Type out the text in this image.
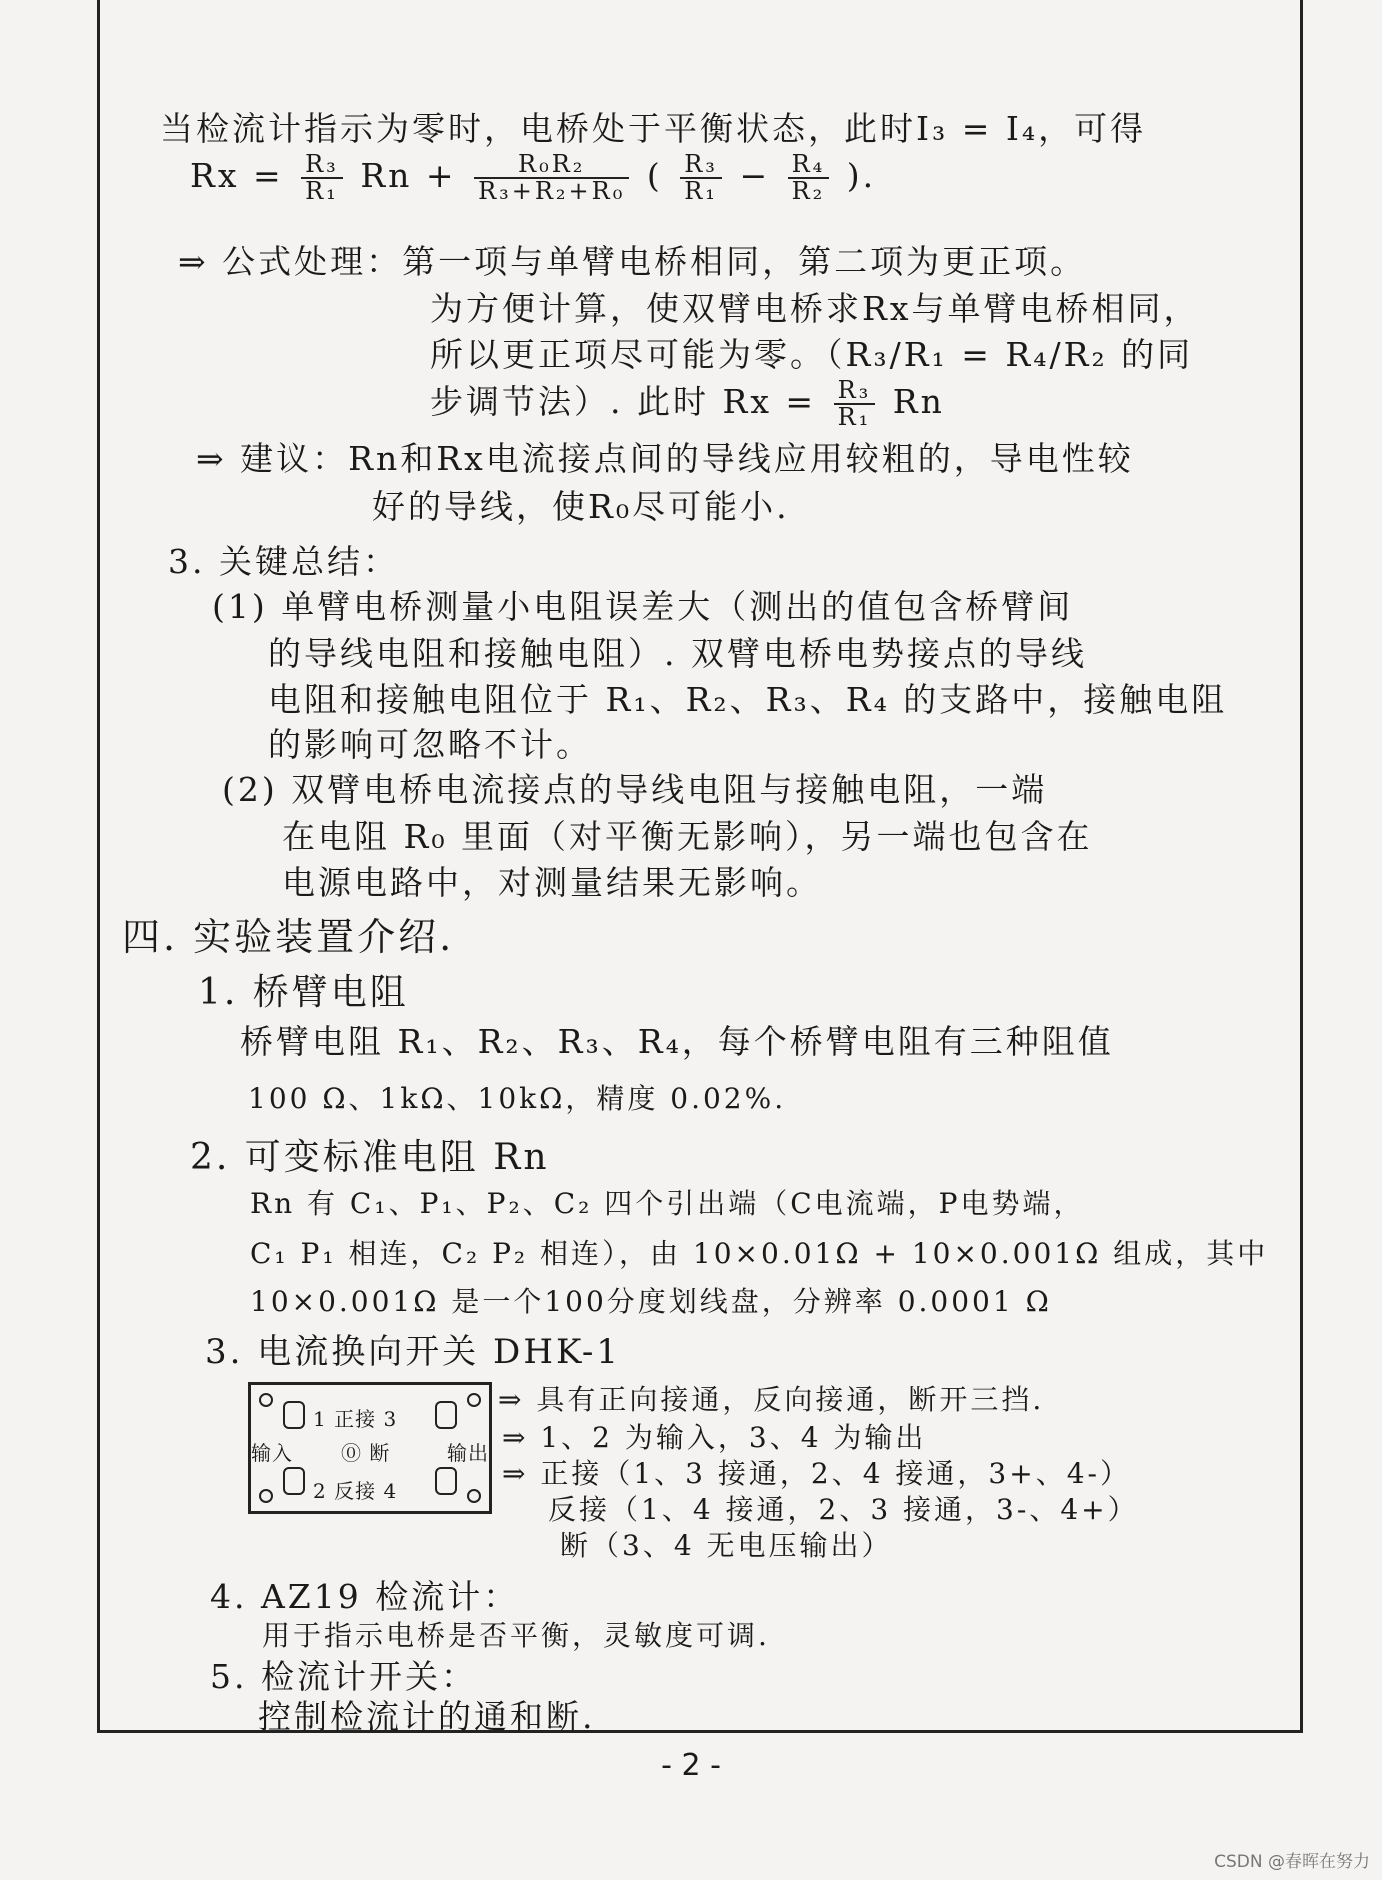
当检流计指示为零时，电桥处于平衡状态，此时I₃ = I₄，可得
$Rx = \frac{\text{R₃}}{\text{R₁}}$ $Rn + \frac{\text{R₀R₂}}{\text{R₃+R₂+R₀}}$ ( $\frac{\text{R₃}}{\text{R₁}} - \frac{\text{R₄}}{\text{R₂}}$ ).
⇒ 公式处理：第一项与单臂电桥相同，第二项为更正项。
为方便计算，使双臂电桥求Rx与单臂电桥相同，
所以更正项尽可能为零。（R₃/R₁ = R₄/R₂ 的同
步调节法）. 此时 $Rx = \frac{\text{R₃}}{\text{R₁}}$ Rn
⇒ 建议：Rn和Rx电流接点间的导线应用较粗的，导电性较
好的导线，使R₀尽可能小.
3. 关键总结：
(1) 单臂电桥测量小电阻误差大（测出的值包含桥臂间
的导线电阻和接触电阻）. 双臂电桥电势接点的导线
电阻和接触电阻位于 R₁、R₂、R₃、R₄ 的支路中，接触电阻
的影响可忽略不计。
(2) 双臂电桥电流接点的导线电阻与接触电阻，一端
在电阻 R₀ 里面（对平衡无影响），另一端也包含在
电源电路中，对测量结果无影响。
四. 实验装置介绍.
1. 桥臂电阻
桥臂电阻 R₁、R₂、R₃、R₄，每个桥臂电阻有三种阻值
100 Ω、1kΩ、10kΩ，精度 0.02%.
2. 可变标准电阻 Rn
Rn 有 C₁、P₁、P₂、C₂ 四个引出端（C电流端，P电势端，
C₁ P₁ 相连，C₂ P₂ 相连），由 10×0.01Ω + 10×0.001Ω 组成，其中
10×0.001Ω 是一个100分度划线盘，分辨率 0.0001 Ω
3. 电流换向开关 DHK-1
1 正接 3
⓪ 断
2 反接 4
输入	输出
⇒ 具有正向接通，反向接通，断开三挡.
⇒ 1、2 为输入，3、4 为输出
⇒ 正接（1、3 接通，2、4 接通，3+、4-）
反接（1、4 接通，2、3 接通，3-、4+）
断（3、4 无电压输出）
4. AZ19 检流计：
用于指示电桥是否平衡，灵敏度可调.
5. 检流计开关：
控制检流计的通和断.
- 2 -
CSDN @春晖在努力
